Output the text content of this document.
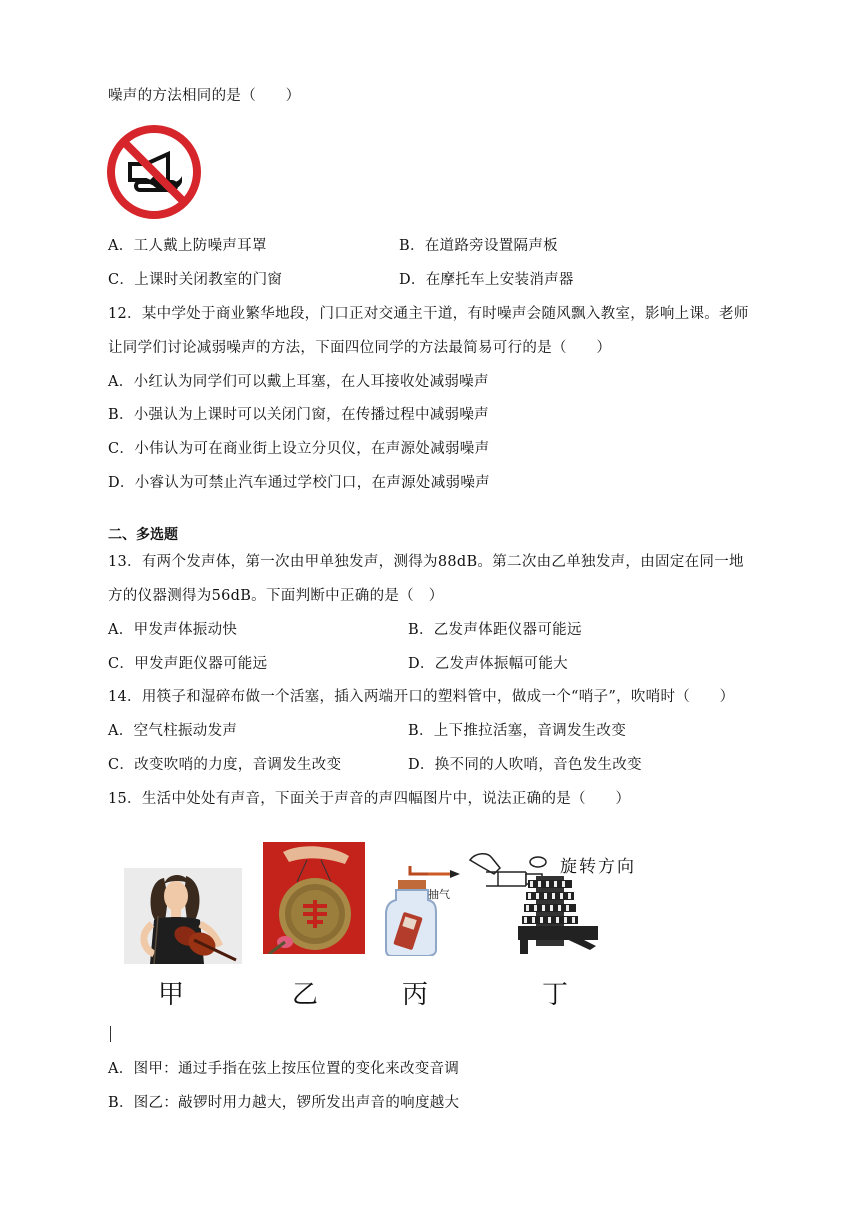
噪声的方法相同的是（　　）
A．工人戴上防噪声耳罩	B．在道路旁设置隔声板
C．上课时关闭教室的门窗	D．在摩托车上安装消声器
12．某中学处于商业繁华地段，门口正对交通主干道，有时噪声会随风飘入教室，影响上课。老师
让同学们讨论减弱噪声的方法，下面四位同学的方法最简易可行的是（　　）
A．小红认为同学们可以戴上耳塞，在人耳接收处减弱噪声
B．小强认为上课时可以关闭门窗，在传播过程中减弱噪声
C．小伟认为可在商业街上设立分贝仪，在声源处减弱噪声
D．小睿认为可禁止汽车通过学校门口，在声源处减弱噪声
二、多选题
13．有两个发声体，第一次由甲单独发声，测得为88dB。第二次由乙单独发声，由固定在同一地
方的仪器测得为56dB。下面判断中正确的是（　）
A．甲发声体振动快	B．乙发声体距仪器可能远
C．甲发声距仪器可能远	D．乙发声体振幅可能大
14．用筷子和湿碎布做一个活塞，插入两端开口的塑料管中，做成一个“哨子”，吹哨时（　　）
A．空气柱振动发声	B．上下推拉活塞，音调发生改变
C．改变吹哨的力度，音调发生改变	D．换不同的人吹哨，音色发生改变
15．生活中处处有声音，下面关于声音的声四幅图片中，说法正确的是（　　）
抽气
旋转方向
甲	乙	丙	丁
A．图甲：通过手指在弦上按压位置的变化来改变音调
B．图乙：敲锣时用力越大，锣所发出声音的响度越大
